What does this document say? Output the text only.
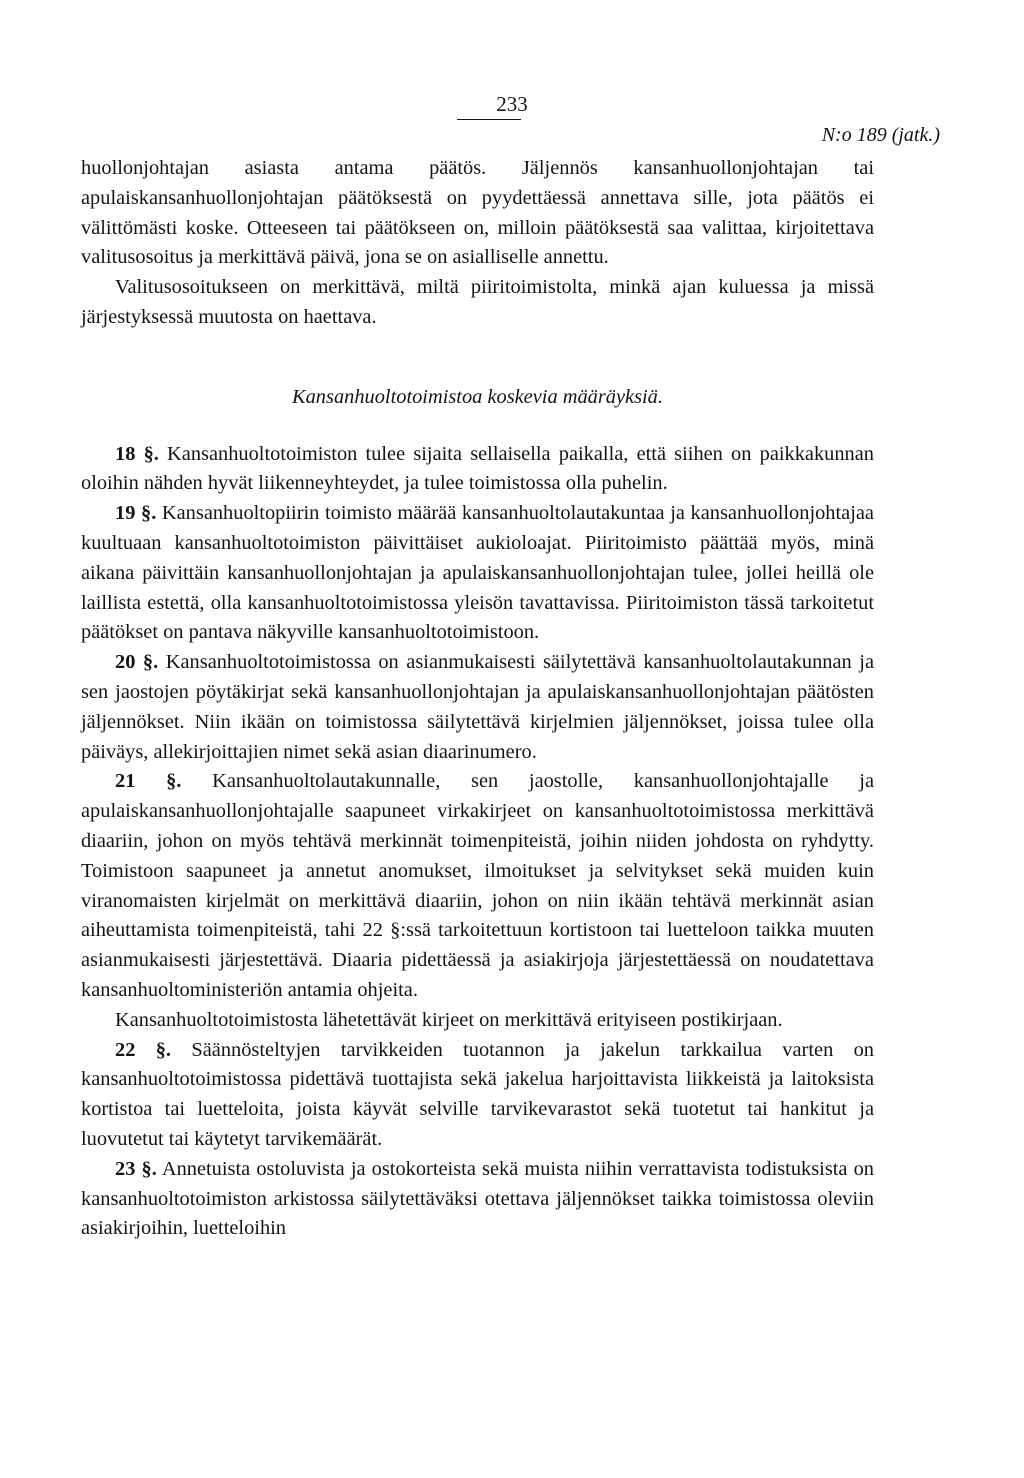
233
N:o 189 (jatk.)

huollonjohtajan asiasta antama päätös. Jäljennös kansanhuollonjohtajan tai apulaiskansanhuollonjohtajan päätöksestä on pyydettäessä annettava sille, jota päätös ei välittömästi koske. Otteeseen tai päätökseen on, milloin päätöksestä saa valittaa, kirjoitettava valitusosoitus ja merkittävä päivä, jona se on asialliselle annettu.

Valitusosoitukseen on merkittävä, miltä piiritoimistolta, minkä ajan kuluessa ja missä järjestyksessä muutosta on haettava.

Kansanhuoltotoimistoa koskevia määräyksiä.

18 §. Kansanhuoltotoimiston tulee sijaita sellaisella paikalla, että siihen on paikkakunnan oloihin nähden hyvät liikenneyhteydet, ja tulee toimistossa olla puhelin.

19 §. Kansanhuoltopiirin toimisto määrää kansanhuoltolautakuntaa ja kansanhuollonjohtajaa kuultuaan kansanhuoltotoimiston päivittäiset aukioloajat. Piiritoimisto päättää myös, minä aikana päivittäin kansanhuollonjohtajan ja apulaiskansanhuollonjohtajan tulee, jollei heillä ole laillista estettä, olla kansanhuoltotoimistossa yleisön tavattavissa. Piiritoimiston tässä tarkoitetut päätökset on pantava näkyville kansanhuoltotoimistoon.

20 §. Kansanhuoltotoimistossa on asianmukaisesti säilytettävä kansanhuoltolautakunnan ja sen jaostojen pöytäkirjat sekä kansanhuollonjohtajan ja apulaiskansanhuollonjohtajan päätösten jäljennökset. Niin ikään on toimistossa säilytettävä kirjelmien jäljennökset, joissa tulee olla päiväys, allekirjoittajien nimet sekä asian diaarinumero.

21 §. Kansanhuoltolautakunnalle, sen jaostolle, kansanhuollonjohtajalle ja apulaiskansanhuollonjohtajalle saapuneet virkakirjeet on kansanhuoltotoimistossa merkittävä diaariin, johon on myös tehtävä merkinnät toimenpiteistä, joihin niiden johdosta on ryhdytty. Toimistoon saapuneet ja annetut anomukset, ilmoitukset ja selvitykset sekä muiden kuin viranomaisten kirjelmät on merkittävä diaariin, johon on niin ikään tehtävä merkinnät asian aiheuttamista toimenpiteistä, tahi 22 §:ssä tarkoitettuun kortistoon tai luetteloon taikka muuten asianmukaisesti järjestettävä. Diaaria pidettäessä ja asiakirjoja järjestettäessä on noudatettava kansanhuoltoministeriön antamia ohjeita.

Kansanhuoltotoimistosta lähetettävät kirjeet on merkittävä erityiseen postikirjaan.

22 §. Säännösteltyjen tarvikkeiden tuotannon ja jakelun tarkkailua varten on kansanhuoltotoimistossa pidettävä tuottajista sekä jakelua harjoittavista liikkeistä ja laitoksista kortistoa tai luetteloita, joista käyvät selville tarvikevarastot sekä tuotetut tai hankitut ja luovutetut tai käytetyt tarvikemäärät.

23 §. Annetuista ostoluvista ja ostokorteista sekä muista niihin verrattavista todistuksista on kansanhuoltotoimiston arkistossa säilytettäväksi otettava jäljennökset taikka toimistossa oleviin asiakirjoihin, luetteloihin
